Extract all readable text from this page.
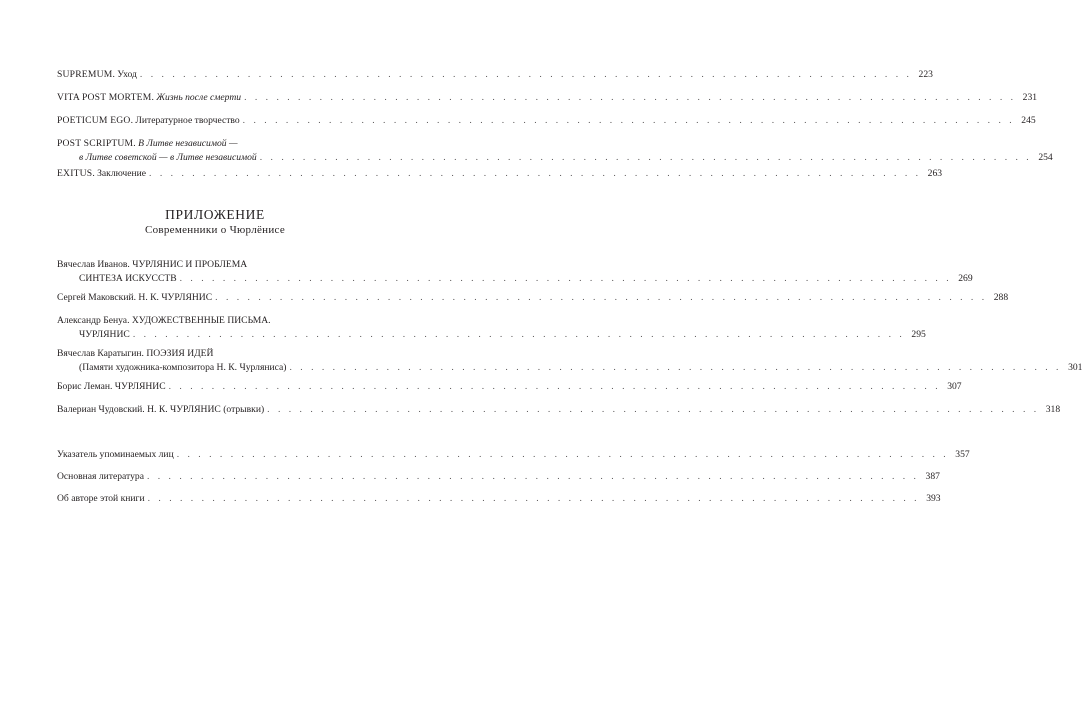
SUPREMUM. Уход . . .	223
VITA POST MORTEM. Жизнь после смерти . . .	231
POETICUM EGO. Литературное творчество . . .	245
POST SCRIPTUM. В Литве независимой —
в Литве советской — в Литве независимой . . .	254
EXITUS. Заключение . . .	263
Вячеслав Иванов. ЧУРЛЯНИС И ПРОБЛЕМА
СИНТЕЗА ИСКУССТВ . . .	269
Сергей Маковский. Н. К. ЧУРЛЯНИС . . .	288
Александр Бенуа. ХУДОЖЕСТВЕННЫЕ ПИСЬМА.
ЧУРЛЯНИС . . .	295
Вячеслав Каратыгин. ПОЭЗИЯ ИДЕЙ
(Памяти художника-композитора Н. К. Чурляниса) . . .	301
Борис Леман. ЧУРЛЯНИС . . .	307
Валериан Чудовский. Н. К. ЧУРЛЯНИС (отрывки) . . .	318
Указатель упоминаемых лиц . . .	357
Основная литература . . .	387
Об авторе этой книги . . .	393
ПРИЛОЖЕНИЕ
Современники о Чюрлёнисе
